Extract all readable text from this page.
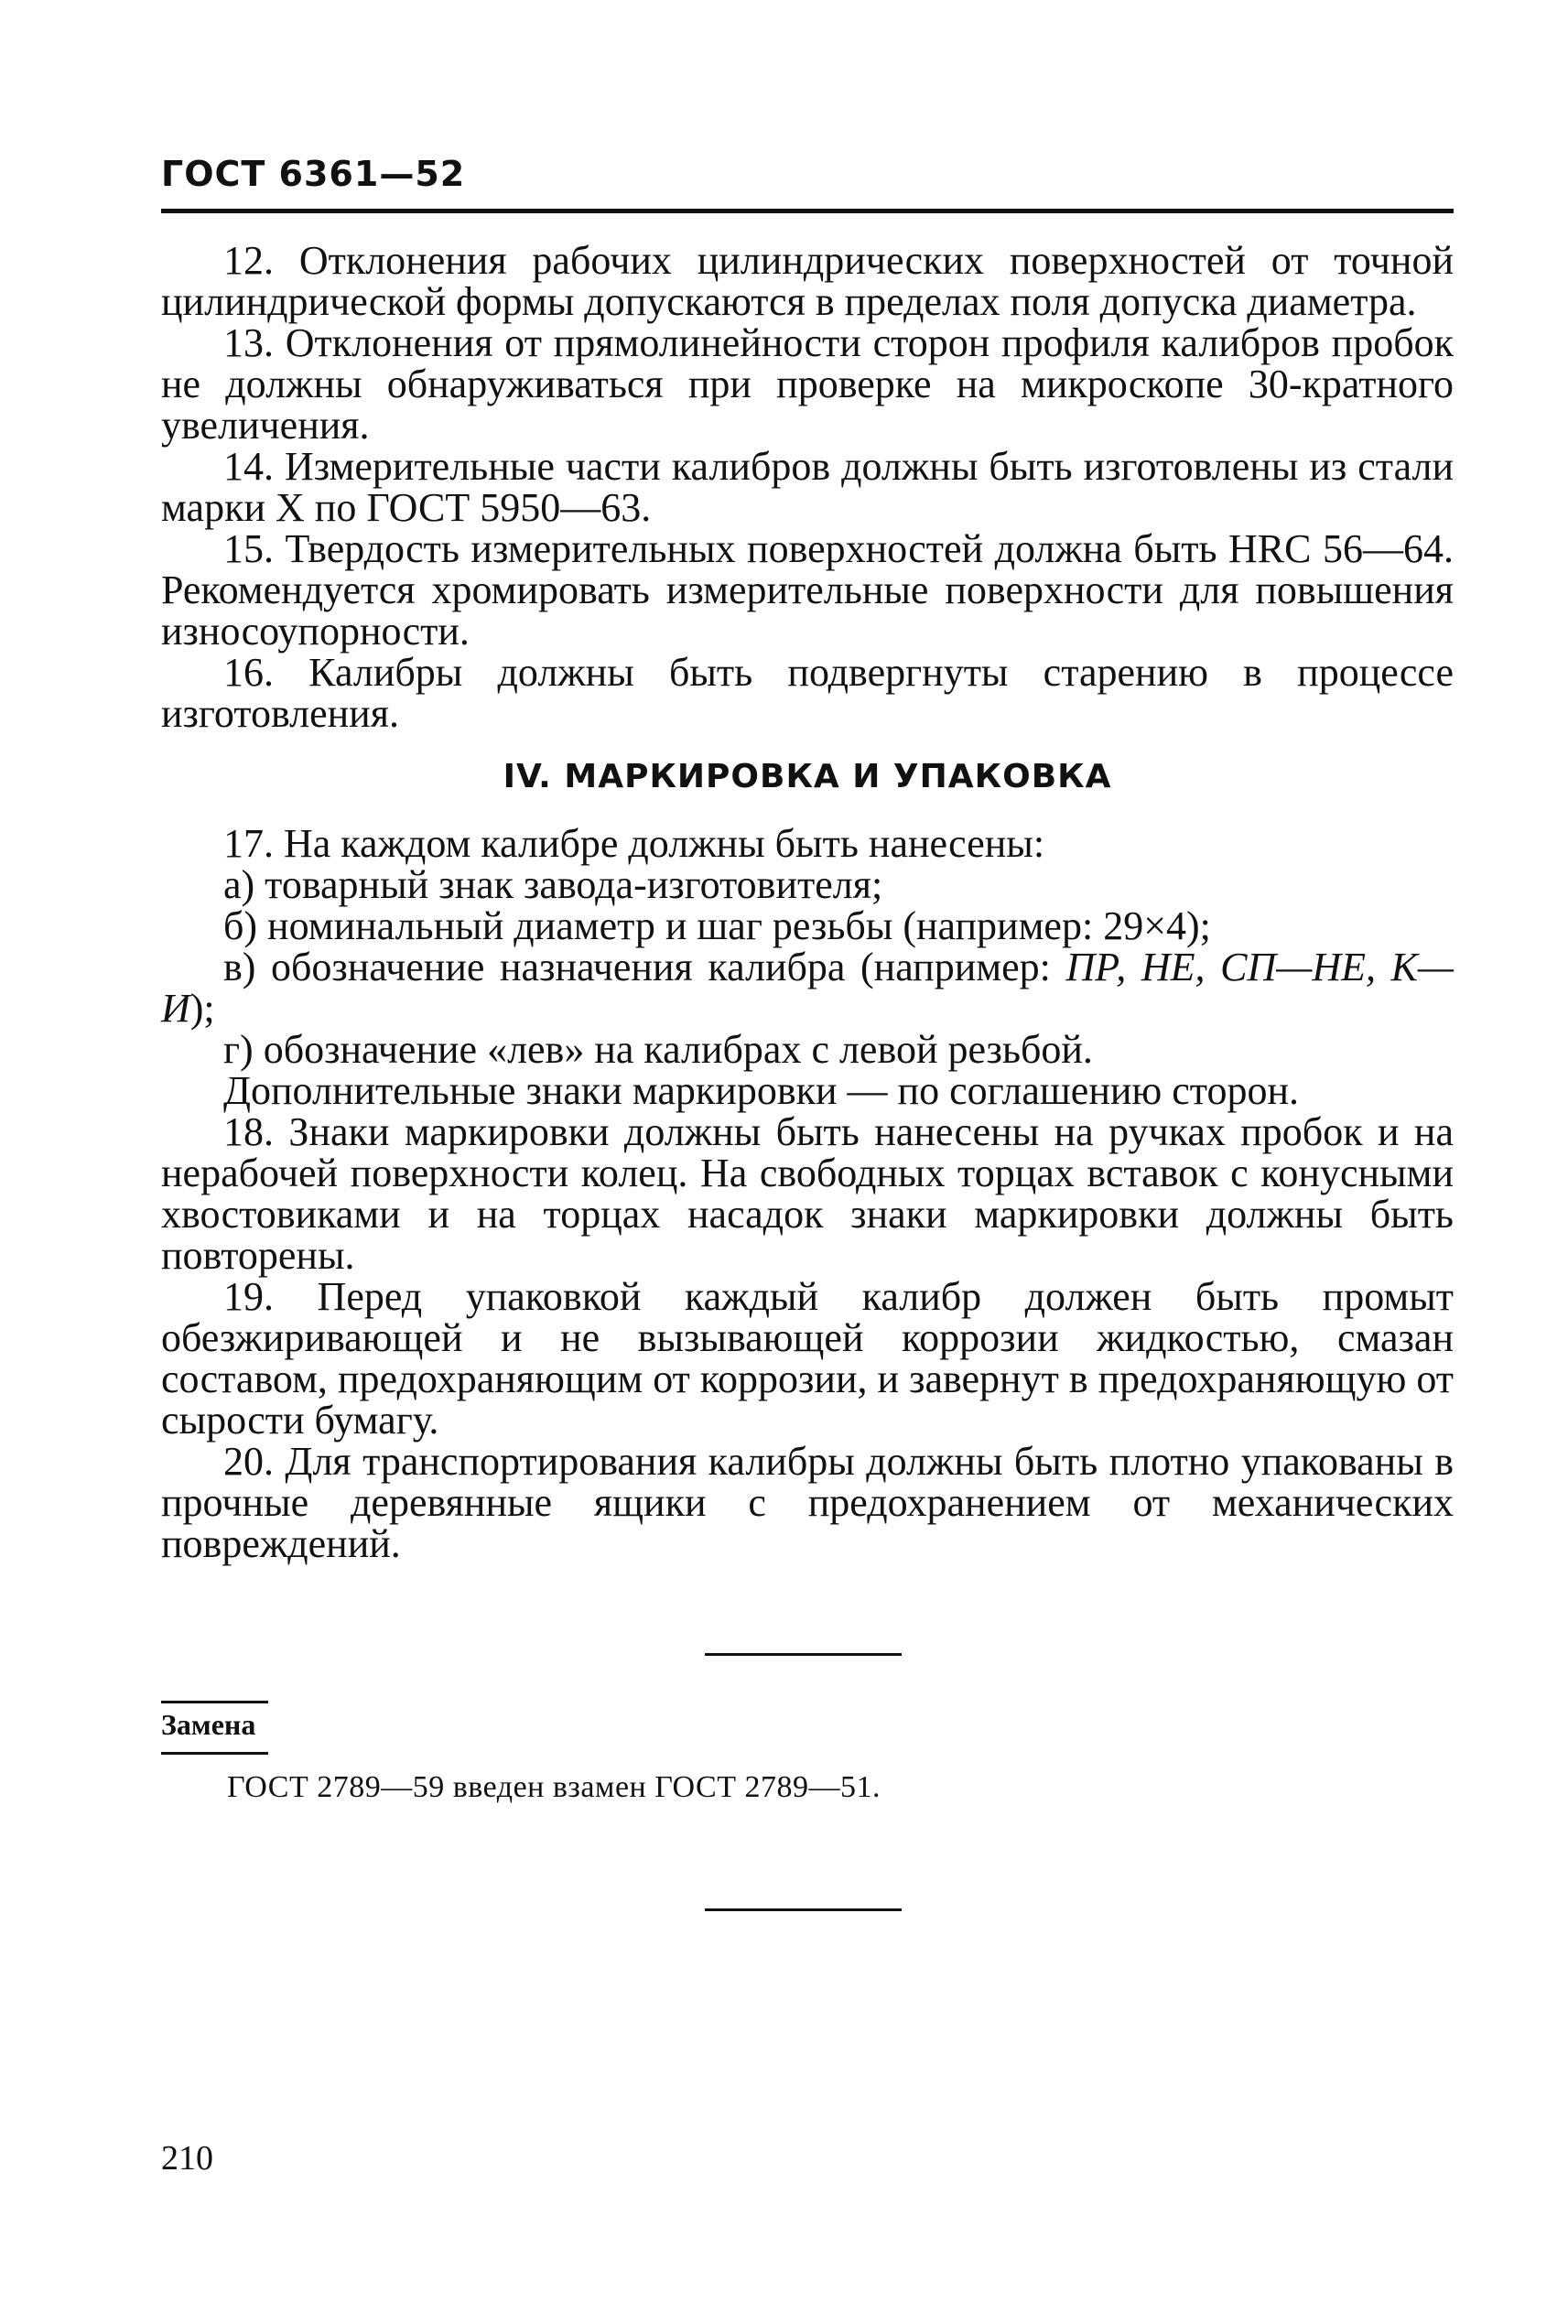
ГОСТ 6361—52

12. Отклонения рабочих цилиндрических поверхностей от точной цилиндрической формы допускаются в пределах поля допуска диаметра.

13. Отклонения от прямолинейности сторон профиля калибров пробок не должны обнаруживаться при проверке на микроскопе 30-кратного увеличения.

14. Измерительные части калибров должны быть изготовлены из стали марки X по ГОСТ 5950—63.

15. Твердость измерительных поверхностей должна быть HRC 56—64. Рекомендуется хромировать измерительные поверхности для повышения износоупорности.

16. Калибры должны быть подвергнуты старению в процессе изготовления.

IV. МАРКИРОВКА И УПАКОВКА

17. На каждом калибре должны быть нанесены:

а) товарный знак завода-изготовителя;

б) номинальный диаметр и шаг резьбы (например: 29×4);

в) обозначение назначения калибра (например: ПР, НЕ, СП—НЕ, К—И);

г) обозначение «лев» на калибрах с левой резьбой.

Дополнительные знаки маркировки — по соглашению сторон.

18. Знаки маркировки должны быть нанесены на ручках пробок и на нерабочей поверхности колец. На свободных торцах вставок с конусными хвостовиками и на торцах насадок знаки маркировки должны быть повторены.

19. Перед упаковкой каждый калибр должен быть промыт обезжиривающей и не вызывающей коррозии жидкостью, смазан составом, предохраняющим от коррозии, и завернут в предохраняющую от сырости бумагу.

20. Для транспортирования калибры должны быть плотно упакованы в прочные деревянные ящики с предохранением от механических повреждений.

Замена
ГОСТ 2789—59 введен взамен ГОСТ 2789—51.
210
